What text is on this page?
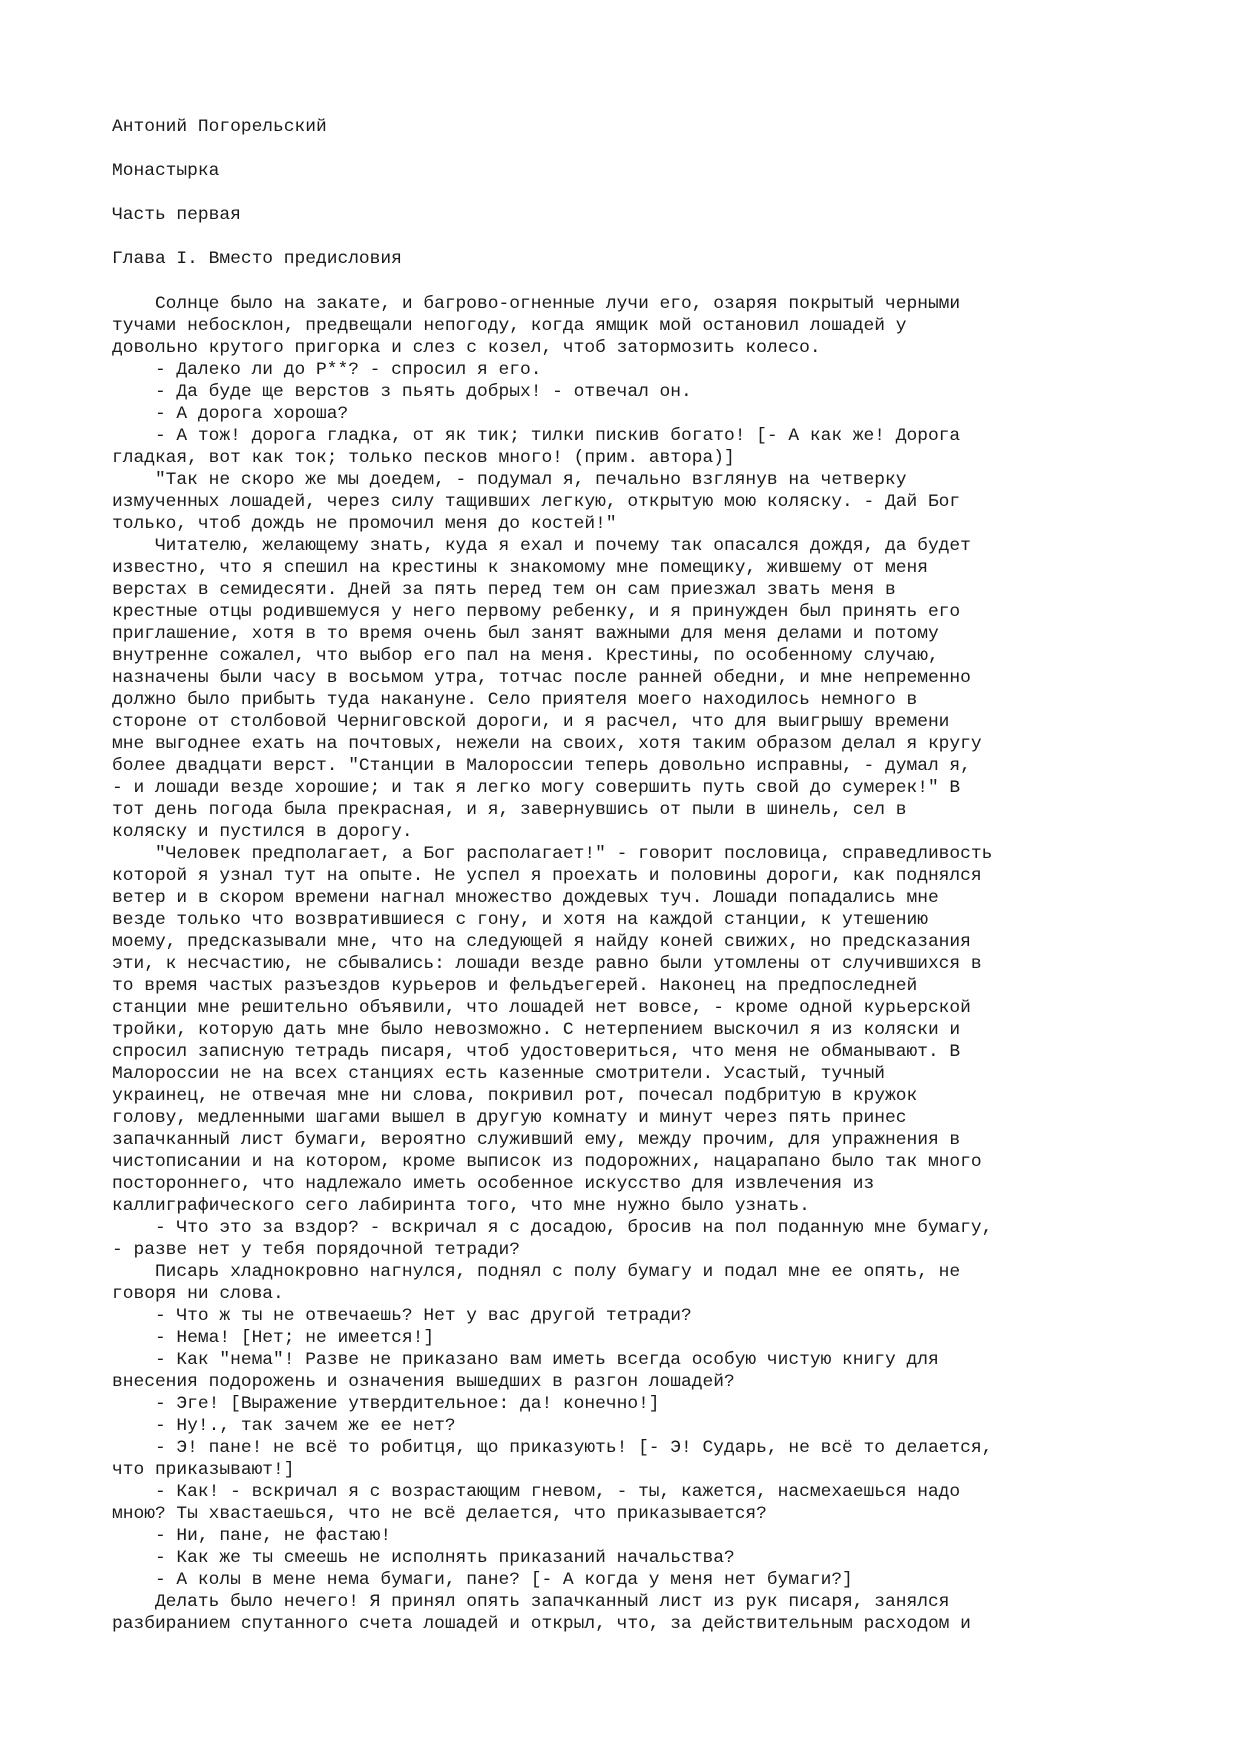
Антоний Погорельский

Монастырка

Часть первая

Глава I. Вместо предисловия

Солнце было на закате, и багрово-огненные лучи его, озаряя покрытый черными

тучами небосклон, предвещали непогоду, когда ямщик мой остановил лошадей у

довольно крутого пригорка и слез с козел, чтоб затормозить колесо.

- Далеко ли до Р**? - спросил я его.

- Да буде ще верстов з пьять добрых! - отвечал он.

- А дорога хороша?

- А тож! дорога гладка, от як тик; тилки пискив богато! [- А как же! Дорога

гладкая, вот как ток; только песков много! (прим. автора)]

"Так не скоро же мы доедем, - подумал я, печально взглянув на четверку

измученных лошадей, через силу тащивших легкую, открытую мою коляску. - Дай Бог

только, чтоб дождь не промочил меня до костей!"

Читателю, желающему знать, куда я ехал и почему так опасался дождя, да будет

известно, что я спешил на крестины к знакомому мне помещику, жившему от меня

верстах в семидесяти. Дней за пять перед тем он сам приезжал звать меня в

крестные отцы родившемуся у него первому ребенку, и я принужден был принять его

приглашение, хотя в то время очень был занят важными для меня делами и потому

внутренне сожалел, что выбор его пал на меня. Крестины, по особенному случаю,

назначены были часу в восьмом утра, тотчас после ранней обедни, и мне непременно

должно было прибыть туда накануне. Село приятеля моего находилось немного в

стороне от столбовой Черниговской дороги, и я расчел, что для выигрышу времени

мне выгоднее ехать на почтовых, нежели на своих, хотя таким образом делал я кругу

более двадцати верст. "Станции в Малороссии теперь довольно исправны, - думал я,

- и лошади везде хорошие; и так я легко могу совершить путь свой до сумерек!" В

тот день погода была прекрасная, и я, завернувшись от пыли в шинель, сел в

коляску и пустился в дорогу.

"Человек предполагает, а Бог располагает!" - говорит пословица, справедливость

которой я узнал тут на опыте. Не успел я проехать и половины дороги, как поднялся

ветер и в скором времени нагнал множество дождевых туч. Лошади попадались мне

везде только что возвратившиеся с гону, и хотя на каждой станции, к утешению

моему, предсказывали мне, что на следующей я найду коней свижих, но предсказания

эти, к несчастию, не сбывались: лошади везде равно были утомлены от случившихся в

то время частых разъездов курьеров и фельдъегерей. Наконец на предпоследней

станции мне решительно объявили, что лошадей нет вовсе, - кроме одной курьерской

тройки, которую дать мне было невозможно. С нетерпением выскочил я из коляски и

спросил записную тетрадь писаря, чтоб удостовериться, что меня не обманывают. В

Малороссии не на всех станциях есть казенные смотрители. Усастый, тучный

украинец, не отвечая мне ни слова, покривил рот, почесал подбритую в кружок

голову, медленными шагами вышел в другую комнату и минут через пять принес

запачканный лист бумаги, вероятно служивший ему, между прочим, для упражнения в

чистописании и на котором, кроме выписок из подорожних, нацарапано было так много

постороннего, что надлежало иметь особенное искусство для извлечения из

каллиграфического сего лабиринта того, что мне нужно было узнать.

- Что это за вздор? - вскричал я с досадою, бросив на пол поданную мне бумагу,

- разве нет у тебя порядочной тетради?

Писарь хладнокровно нагнулся, поднял с полу бумагу и подал мне ее опять, не

говоря ни слова.

- Что ж ты не отвечаешь? Нет у вас другой тетради?

- Нема! [Нет; не имеется!]

- Как "нема"! Разве не приказано вам иметь всегда особую чистую книгу для

внесения подорожень и означения вышедших в разгон лошадей?

- Эге! [Выражение утвердительное: да! конечно!]

- Ну!., так зачем же ее нет?

- Э! пане! не всё то робитця, що приказують! [- Э! Сударь, не всё то делается,

что приказывают!]

- Как! - вскричал я с возрастающим гневом, - ты, кажется, насмехаешься надо

мною? Ты хвастаешься, что не всё делается, что приказывается?

- Ни, пане, не фастаю!

- Как же ты смеешь не исполнять приказаний начальства?

- А колы в мене нема бумаги, пане? [- А когда у меня нет бумаги?]

Делать было нечего! Я принял опять запачканный лист из рук писаря, занялся

разбиранием спутанного счета лошадей и открыл, что, за действительным расходом и
